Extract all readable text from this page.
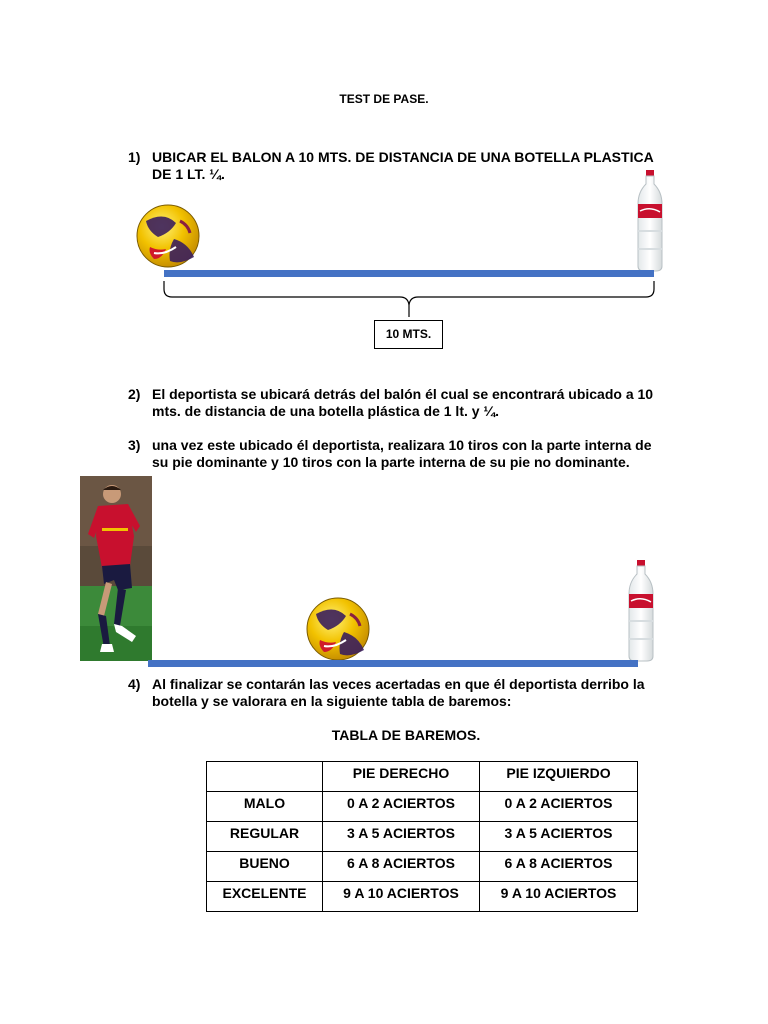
TEST DE PASE.
1) UBICAR EL BALON A 10 MTS. DE DISTANCIA DE UNA BOTELLA PLASTICA DE 1 LT. ¼.
10 MTS.
2) El deportista se ubicará detrás del balón él cual se encontrará ubicado a 10 mts. de distancia de una botella plástica de 1 lt. y ¼.
3) una vez este ubicado él deportista, realizara 10 tiros con la parte interna de su pie dominante y 10 tiros con la parte interna de su pie no dominante.
4) Al finalizar se contarán las veces acertadas en que él deportista derribo la botella y se valorara en la siguiente tabla de baremos:
TABLA DE BAREMOS.
	PIE DERECHO	PIE IZQUIERDO
MALO	0 A 2 ACIERTOS	0 A 2 ACIERTOS
REGULAR	3 A 5 ACIERTOS	3 A 5 ACIERTOS
BUENO	6 A 8 ACIERTOS	6 A 8 ACIERTOS
EXCELENTE	9 A 10 ACIERTOS	9 A 10 ACIERTOS
